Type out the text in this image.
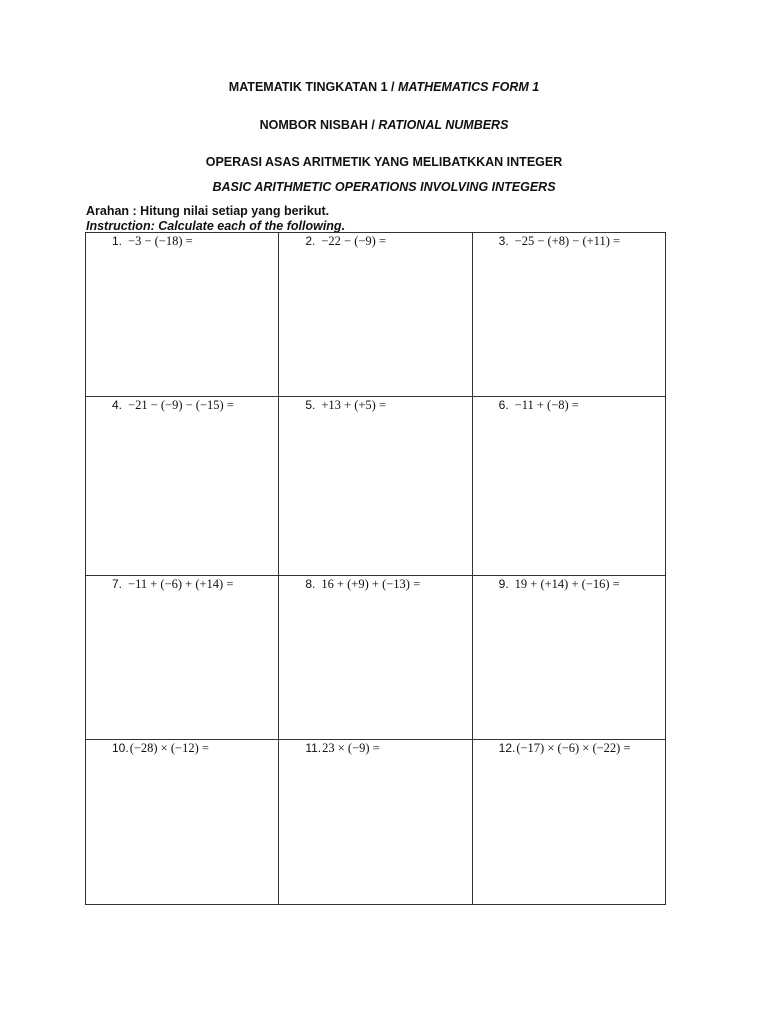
MATEMATIK TINGKATAN 1 / MATHEMATICS FORM 1
NOMBOR NISBAH / RATIONAL NUMBERS
OPERASI ASAS ARITMETIK YANG MELIBATKKAN INTEGER
BASIC ARITHMETIC OPERATIONS INVOLVING INTEGERS
Arahan : Hitung nilai setiap yang berikut.
Instruction: Calculate each of the following.
1. −3 − (−18) =	2. −22 − (−9) =	3. −25 − (+8) − (+11) =
4. −21 − (−9) − (−15) =	5. +13 + (+5) =	6. −11 + (−8) =
7. −11 + (−6) + (+14) =	8. 16 + (+9) + (−13) =	9. 19 + (+14) + (−16) =
10.(−28) × (−12) =	11.23 × (−9) =	12.(−17) × (−6) × (−22) =
